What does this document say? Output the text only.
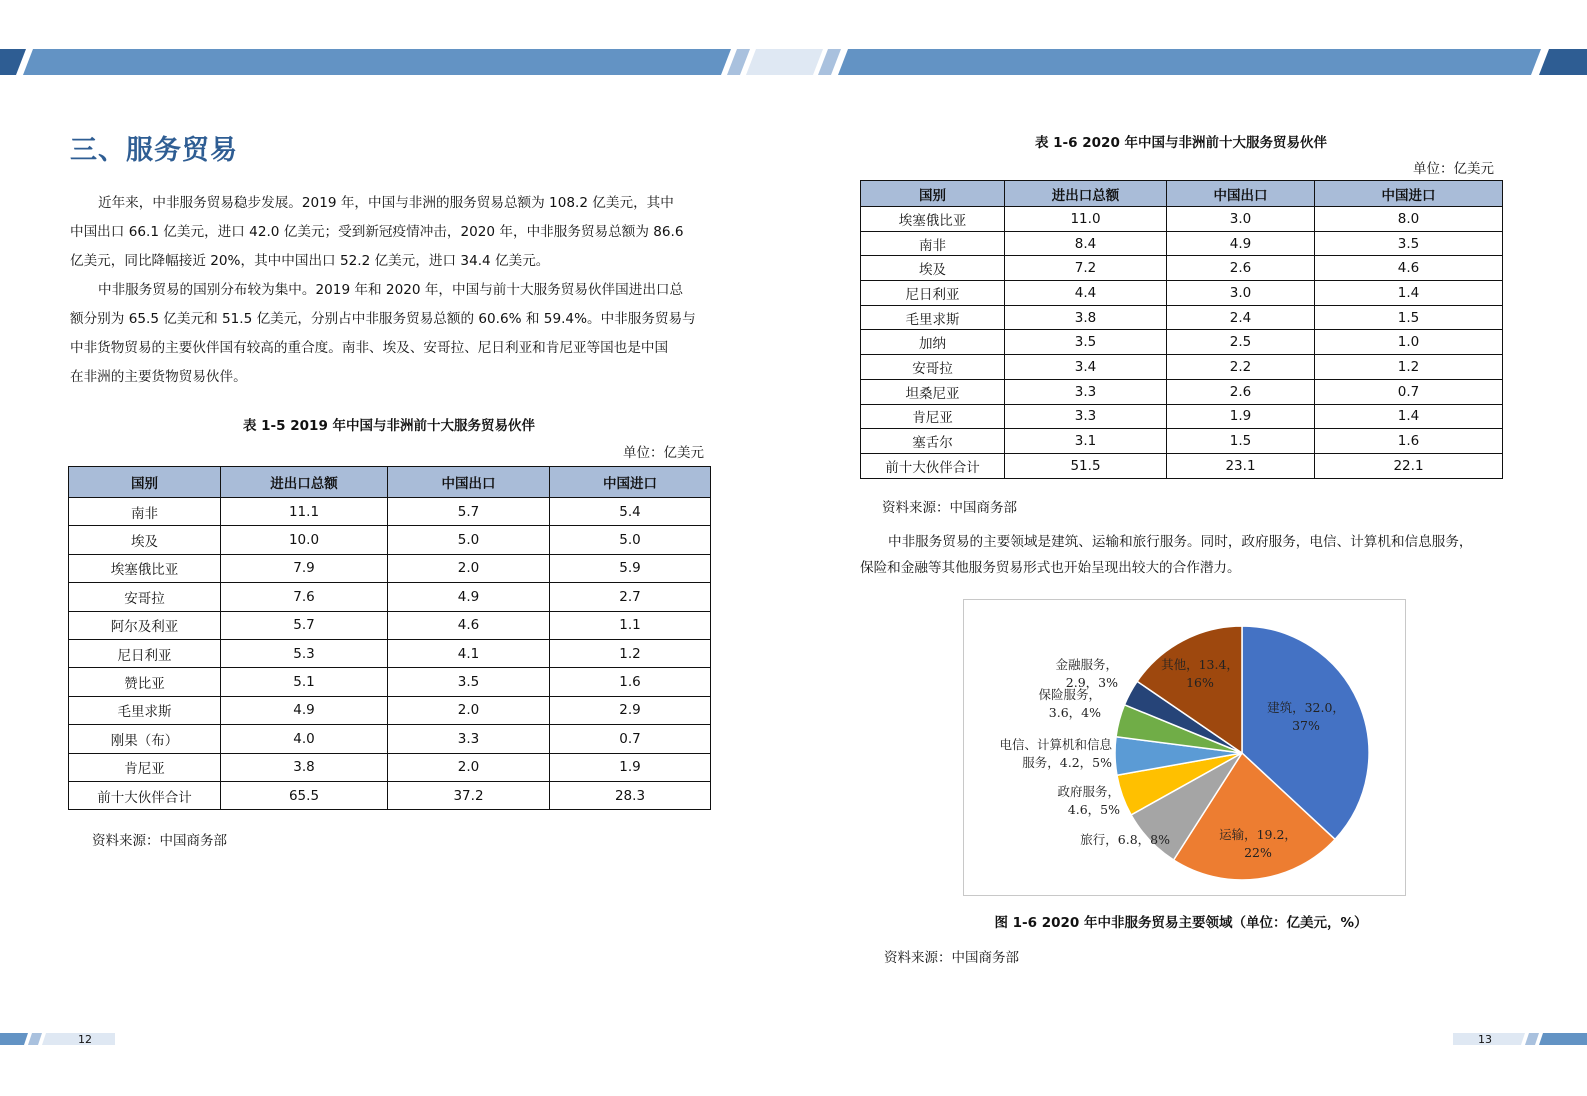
三、服务贸易
近年来，中非服务贸易稳步发展。2019 年，中国与非洲的服务贸易总额为 108.2 亿美元，其中
中国出口 66.1 亿美元，进口 42.0 亿美元；受到新冠疫情冲击，2020 年，中非服务贸易总额为 86.6
亿美元，同比降幅接近 20%，其中中国出口 52.2 亿美元，进口 34.4 亿美元。
中非服务贸易的国别分布较为集中。2019 年和 2020 年，中国与前十大服务贸易伙伴国进出口总
额分别为 65.5 亿美元和 51.5 亿美元，分别占中非服务贸易总额的 60.6% 和 59.4%。中非服务贸易与
中非货物贸易的主要伙伴国有较高的重合度。南非、埃及、安哥拉、尼日利亚和肯尼亚等国也是中国
在非洲的主要货物贸易伙伴。
表 1-5 2019 年中国与非洲前十大服务贸易伙伴
单位：亿美元
国别	进出口总额	中国出口	中国进口
南非	11.1	5.7	5.4
埃及	10.0	5.0	5.0
埃塞俄比亚	7.9	2.0	5.9
安哥拉	7.6	4.9	2.7
阿尔及利亚	5.7	4.6	1.1
尼日利亚	5.3	4.1	1.2
赞比亚	5.1	3.5	1.6
毛里求斯	4.9	2.0	2.9
刚果（布）	4.0	3.3	0.7
肯尼亚	3.8	2.0	1.9
前十大伙伴合计	65.5	37.2	28.3
资料来源：中国商务部
12
表 1-6 2020 年中国与非洲前十大服务贸易伙伴
单位：亿美元
国别	进出口总额	中国出口	中国进口
埃塞俄比亚	11.0	3.0	8.0
南非	8.4	4.9	3.5
埃及	7.2	2.6	4.6
尼日利亚	4.4	3.0	1.4
毛里求斯	3.8	2.4	1.5
加纳	3.5	2.5	1.0
安哥拉	3.4	2.2	1.2
坦桑尼亚	3.3	2.6	0.7
肯尼亚	3.3	1.9	1.4
塞舌尔	3.1	1.5	1.6
前十大伙伴合计	51.5	23.1	22.1
资料来源：中国商务部
中非服务贸易的主要领域是建筑、运输和旅行服务。同时，政府服务，电信、计算机和信息服务，
保险和金融等其他服务贸易形式也开始呈现出较大的合作潜力。
建筑，32.0， 37%
运输，19.2， 22%
旅行，6.8，8%
政府服务， 4.6，5%
电信、计算机和信息服务，4.2，5%
保险服务， 3.6，4%
金融服务， 2.9，3%
其他，13.4， 16%
图 1-6 2020 年中非服务贸易主要领域（单位：亿美元，%）
资料来源：中国商务部
13
